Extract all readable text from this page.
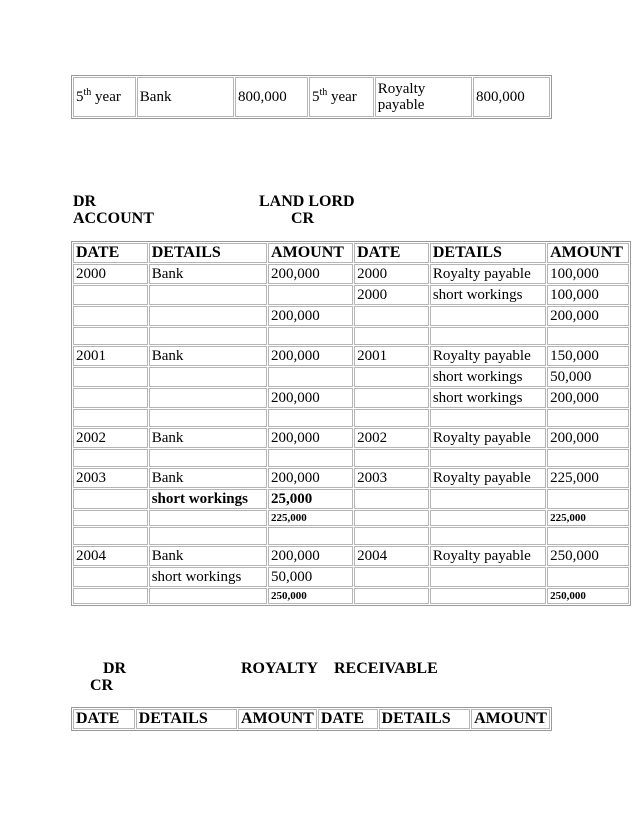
5th year	Bank	800,000	5th year	Royalty payable	800,000
DR
ACCOUNT
LAND LORD
CR
DATE	DETAILS	AMOUNT	DATE	DETAILS	AMOUNT
2000	Bank	200,000	2000	Royalty payable	100,000
			2000	short workings	100,000
		200,000			200,000

2001	Bank	200,000	2001	Royalty payable	150,000
				short workings	50,000
		200,000		short workings	200,000

2002	Bank	200,000	2002	Royalty payable	200,000

2003	Bank	200,000	2003	Royalty payable	225,000
	short workings	25,000			
		225,000			225,000

2004	Bank	200,000	2004	Royalty payable	250,000
	short workings	50,000			
		250,000			250,000
DR
CR
ROYALTY RECEIVABLE
DATE	DETAILS	AMOUNT	DATE	DETAILS	AMOUNT
